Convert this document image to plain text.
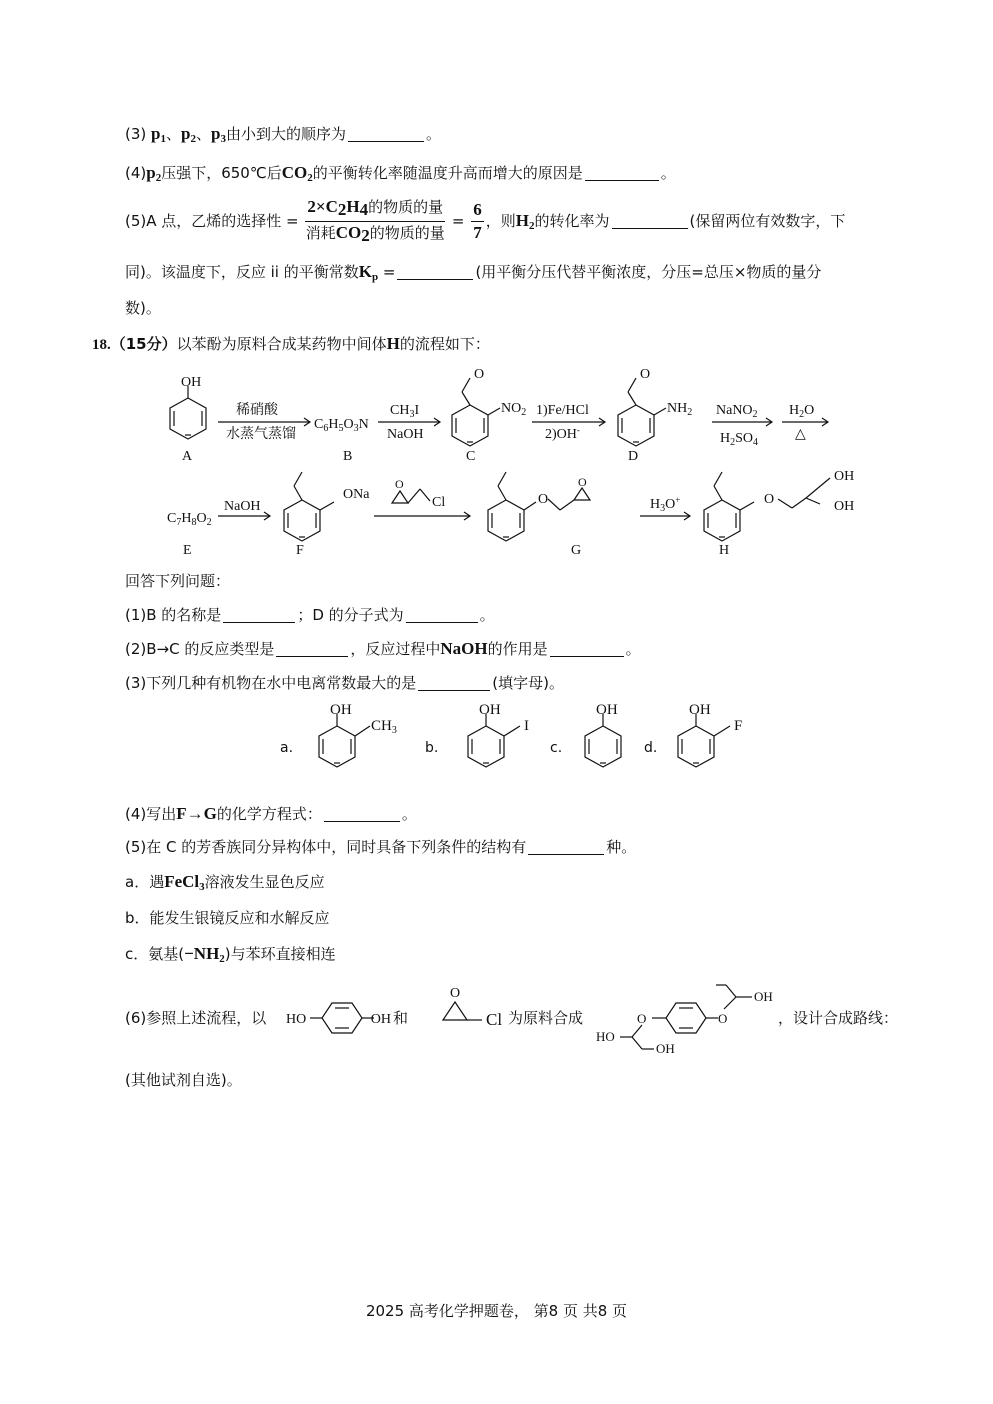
(3) $p_1$、$p_2$、$p_3$由小到大的顺序为	。
$(4)p_2$压强下，650℃后$CO_2$的平衡转化率随温度升高而增大的原因是	。
(5)A 点，乙烯的选择性 = $\frac{2\times C_2H_4的物质的量}{消耗CO_2的物质的量} = \frac{6}{7}$ ，则$H_2$的转化率为	(保留两位有效数字，下
同)。该温度下，反应 ii 的平衡常数$K_p$ =	(用平衡分压代替平衡浓度，分压=总压×物质的量分
数)。
18.（15分）以苯酚为原料合成某药物中间体H的流程如下：
OH
A
稀硝酸
水蒸气蒸馏
$C_6H_5O_3N$
B
$CH_3I$
NaOH
O
$NO_2$
C
1)Fe/HCl
2)OH-
O
$NH_2$
D
NaNO$_2$
$H_2SO_4$
$H_2O$
△
$C_7H_8O_2$
E
NaOH
ONa
F
O
Cl	O
O
G
$H_3O^+$	O
OH
OH
H
回答下列问题：
(1)B 的名称是	；D 的分子式为	。
(2)B→C 的反应类型是	，反应过程中NaOH的作用是	。
(3)下列几种有机物在水中电离常数最大的是	(填字母)。
a.
OH
$CH_3$
b.
OH
I
c.
OH
d.
OH
F
(4)写出F→G的化学方程式：	。
(5)在 C 的芳香族同分异构体中，同时具备下列条件的结构有	种。
a．遇FeCl$_3$溶液发生显色反应
b．能发生银镜反应和水解反应
c．氨基$(-NH_2)$与苯环直接相连
(6)参照上述流程，以 HO	OH 和
O
Cl 为原料合成	O	O
OH
HO
OH
，设计合成路线：
(其他试剂自选)。
2025 高考化学押题卷， 第8 页 共8 页
